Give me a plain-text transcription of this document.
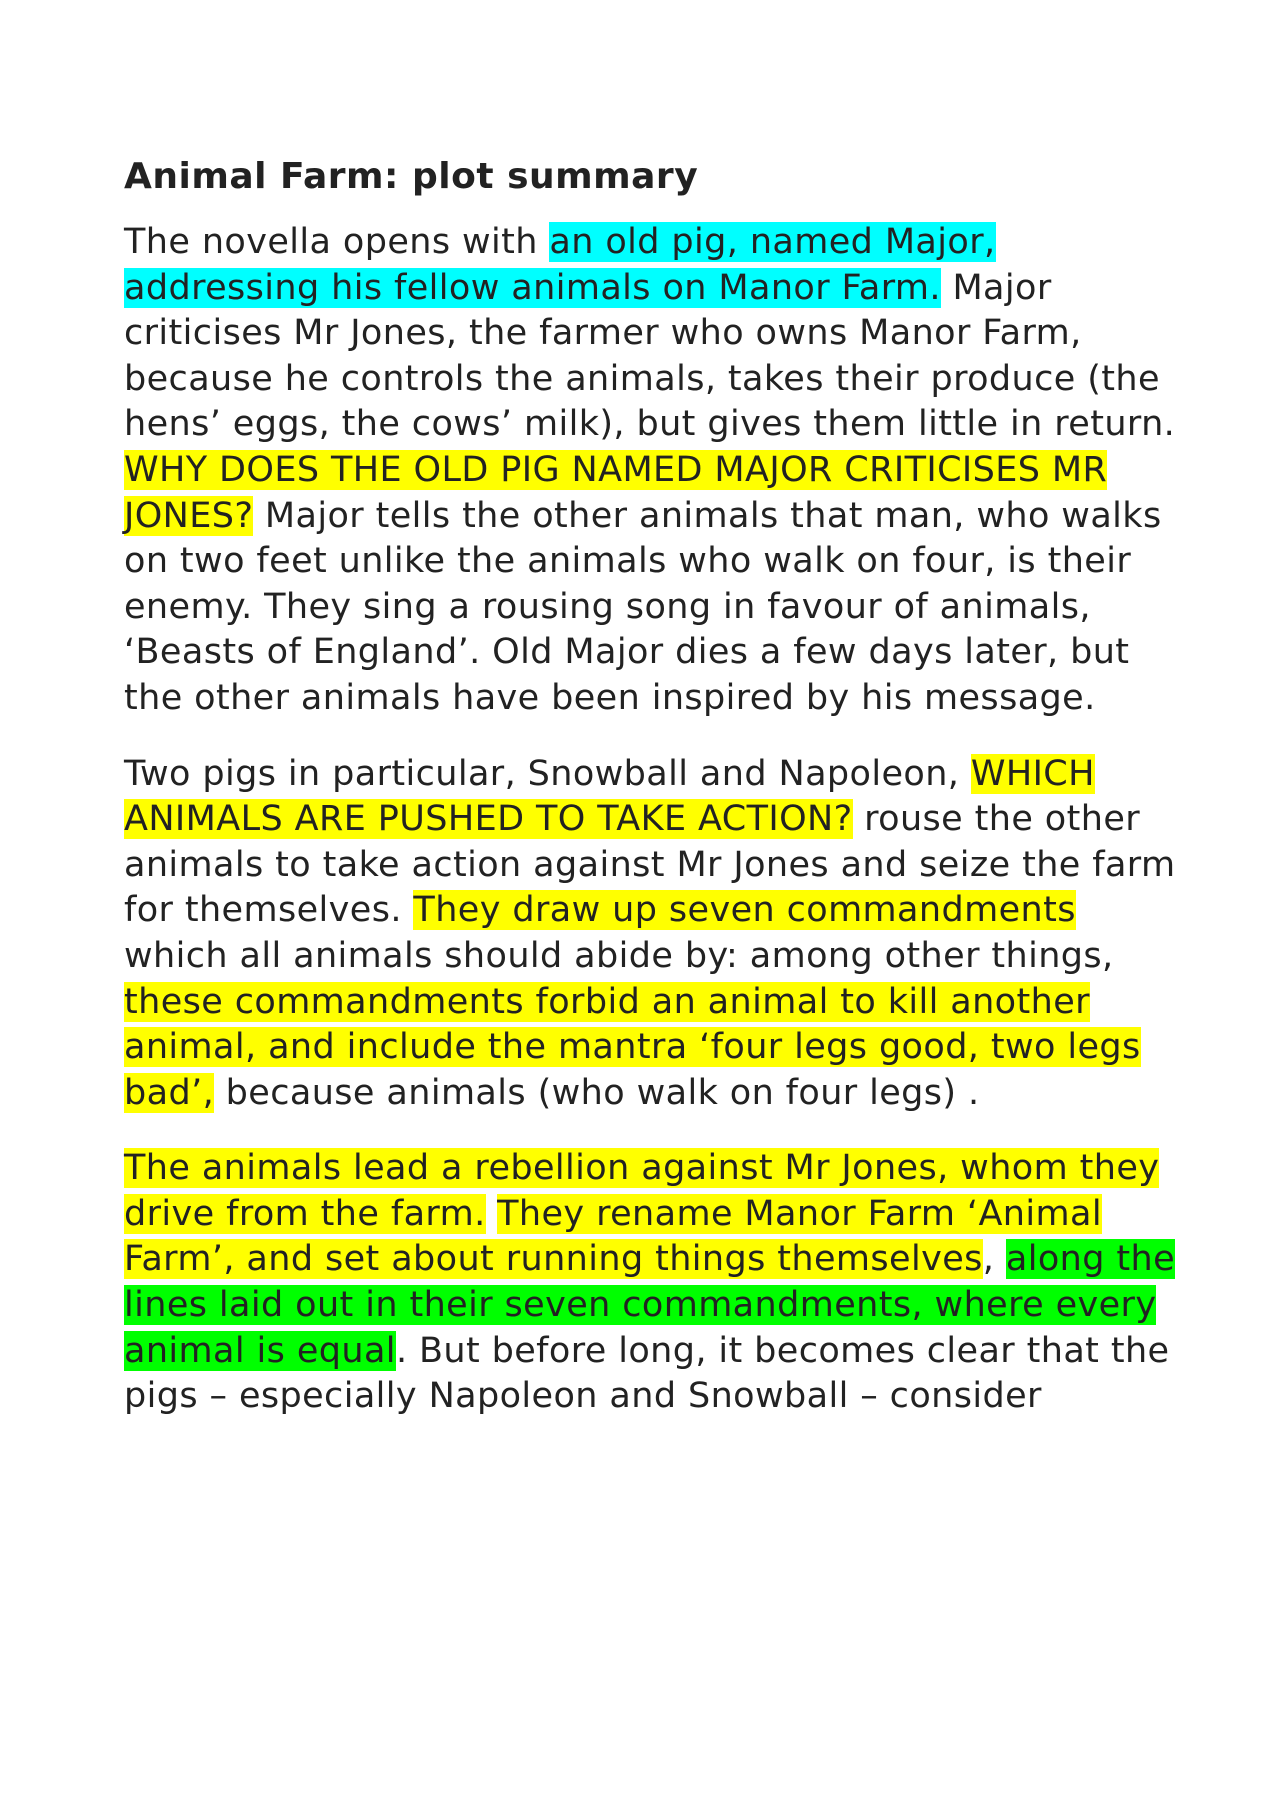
Animal Farm: plot summary

The novella opens with an old pig, named Major, addressing his fellow animals on Manor Farm. Major criticises Mr Jones, the farmer who owns Manor Farm, because he controls the animals, takes their produce (the hens’ eggs, the cows’ milk), but gives them little in return. WHY DOES THE OLD PIG NAMED MAJOR CRITICISES MR JONES? Major tells the other animals that man, who walks on two feet unlike the animals who walk on four, is their enemy. They sing a rousing song in favour of animals, ‘Beasts of England’. Old Major dies a few days later, but the other animals have been inspired by his message.

Two pigs in particular, Snowball and Napoleon, WHICH ANIMALS ARE PUSHED TO TAKE ACTION? rouse the other animals to take action against Mr Jones and seize the farm for themselves. They draw up seven commandments which all animals should abide by: among other things, these commandments forbid an animal to kill another animal, and include the mantra ‘four legs good, two legs bad’, because animals (who walk on four legs) .

The animals lead a rebellion against Mr Jones, whom they drive from the farm. They rename Manor Farm ‘Animal Farm’, and set about running things themselves, along the lines laid out in their seven commandments, where every animal is equal. But before long, it becomes clear that the pigs – especially Napoleon and Snowball – consider
